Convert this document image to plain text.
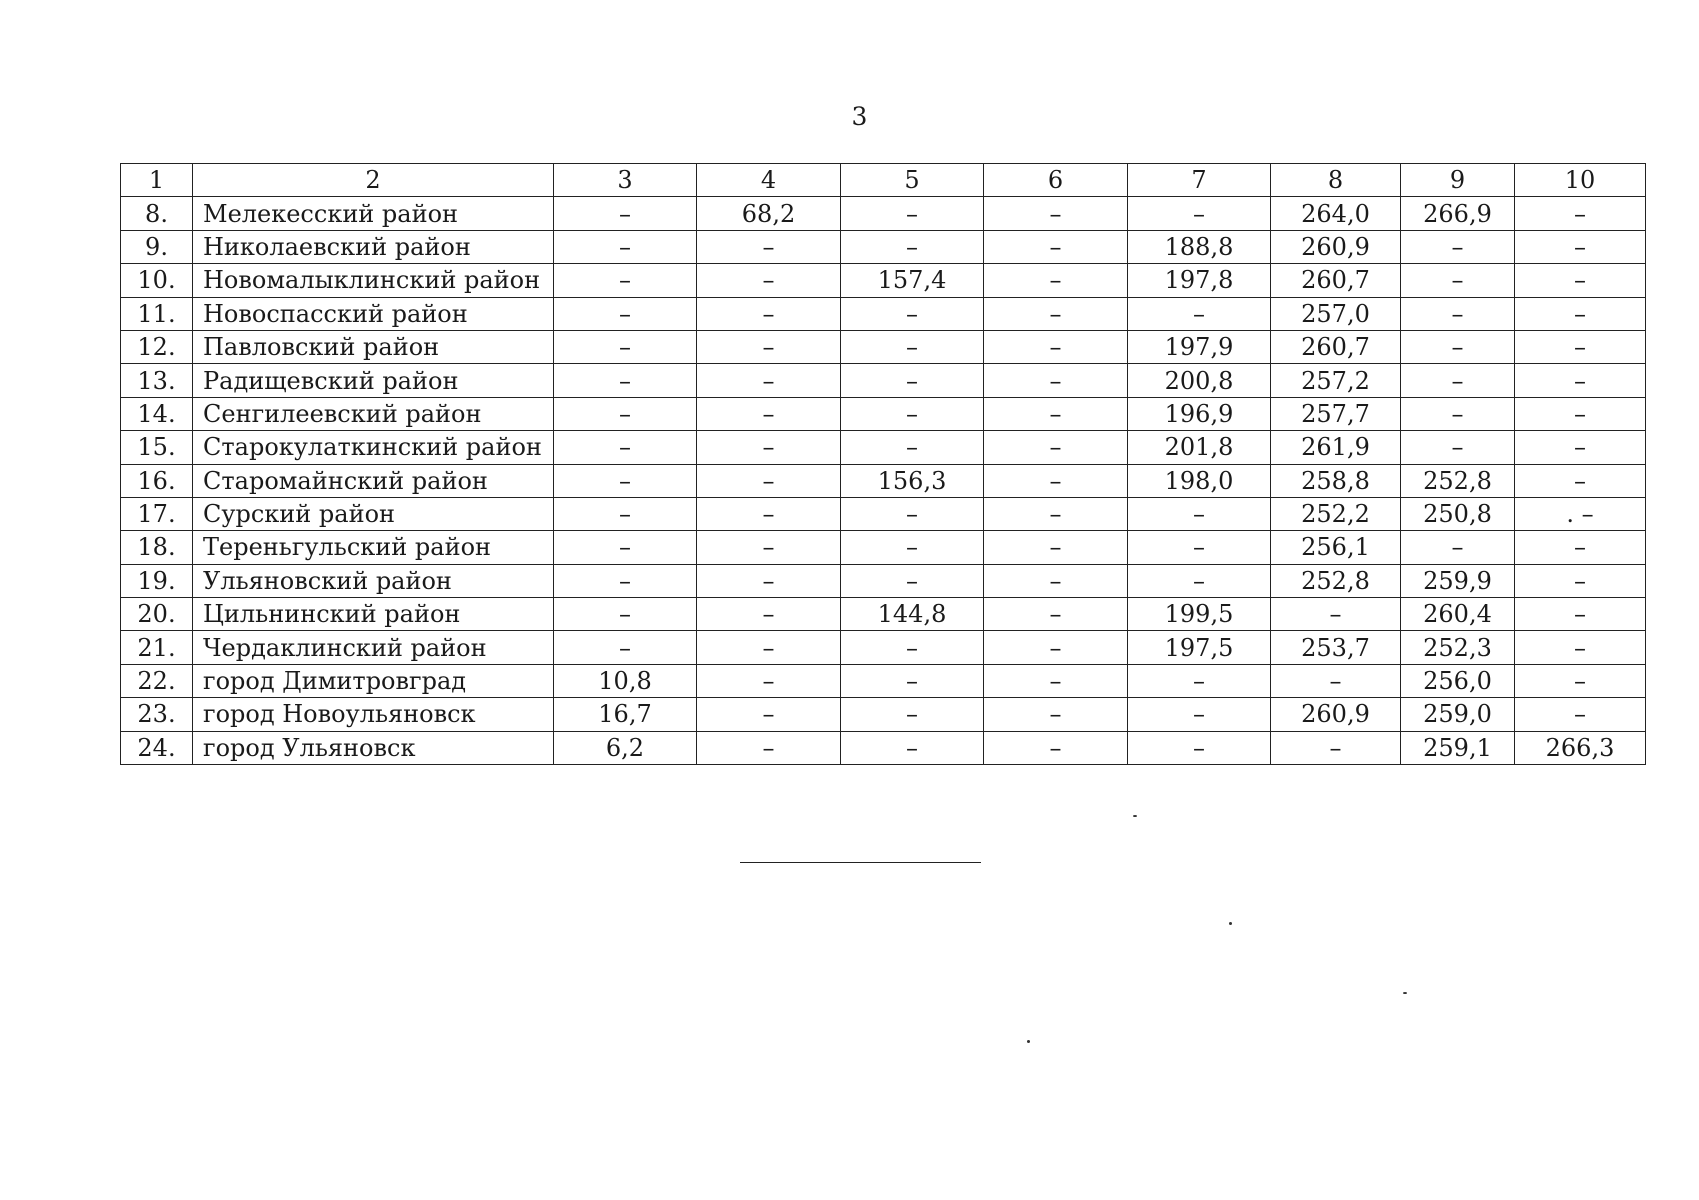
3
1	2	3	4	5	6	7	8	9	10
8.	Мелекесский район	–	68,2	–	–	–	264,0	266,9	–
9.	Николаевский район	–	–	–	–	188,8	260,9	–	–
10.	Новомалыклинский район	–	–	157,4	–	197,8	260,7	–	–
11.	Новоспасский район	–	–	–	–	–	257,0	–	–
12.	Павловский район	–	–	–	–	197,9	260,7	–	–
13.	Радищевский район	–	–	–	–	200,8	257,2	–	–
14.	Сенгилеевский район	–	–	–	–	196,9	257,7	–	–
15.	Старокулаткинский район	–	–	–	–	201,8	261,9	–	–
16.	Старомайнский район	–	–	156,3	–	198,0	258,8	252,8	–
17.	Сурский район	–	–	–	–	–	252,2	250,8	. –
18.	Тереньгульский район	–	–	–	–	–	256,1	–	–
19.	Ульяновский район	–	–	–	–	–	252,8	259,9	–
20.	Цильнинский район	–	–	144,8	–	199,5	–	260,4	–
21.	Чердаклинский район	–	–	–	–	197,5	253,7	252,3	–
22.	город Димитровград	10,8	–	–	–	–	–	256,0	–
23.	город Новоульяновск	16,7	–	–	–	–	260,9	259,0	–
24.	город Ульяновск	6,2	–	–	–	–	–	259,1	266,3
